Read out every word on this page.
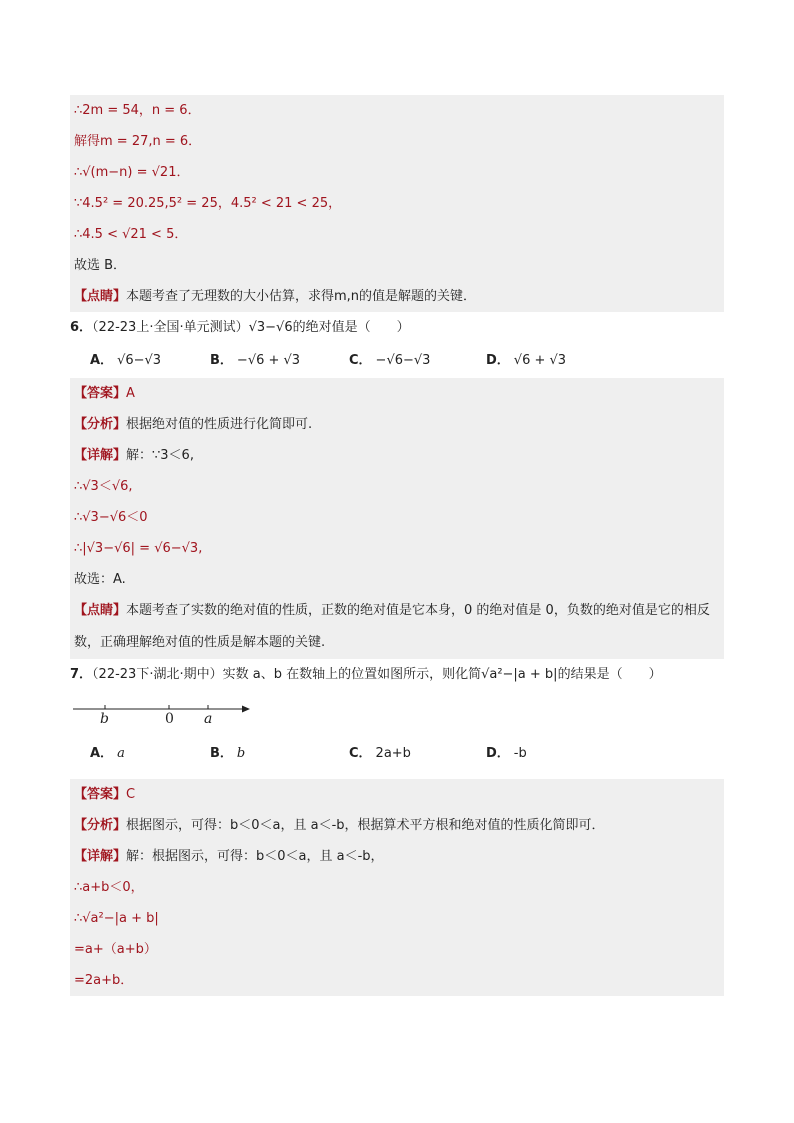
∴2m = 54，n = 6．
解得m = 27,n = 6．
∴√(m−n) = √21．
∵4.5² = 20.25,5² = 25，4.5² < 21 < 25，
∴4.5 < √21 < 5．
故选 B．
【点睛】本题考查了无理数的大小估算，求得m,n的值是解题的关键．
6．（22-23上·全国·单元测试）√3−√6的绝对值是（　　）
A． √6−√3	B． −√6 + √3	C． −√6−√3	D． √6 + √3
【答案】A
【分析】根据绝对值的性质进行化简即可.
【详解】解：∵3＜6,
∴√3＜√6,
∴√3−√6＜0
∴|√3−√6| = √6−√3,
故选：A.
【点睛】本题考查了实数的绝对值的性质，正数的绝对值是它本身，0 的绝对值是 0，负数的绝对值是它的相反数，正确理解绝对值的性质是解本题的关键.
7．（22-23下·湖北·期中）实数 a、b 在数轴上的位置如图所示，则化简√a²−|a + b|的结果是（　　）
b	0 a
A． a	B． b	C． 2a+b	D． -b
【答案】C
【分析】根据图示，可得：b＜0＜a，且 a＜-b，根据算术平方根和绝对值的性质化简即可．
【详解】解：根据图示，可得：b＜0＜a，且 a＜-b，
∴a+b＜0，
∴√a²−|a + b|
=a+（a+b）
=2a+b．
